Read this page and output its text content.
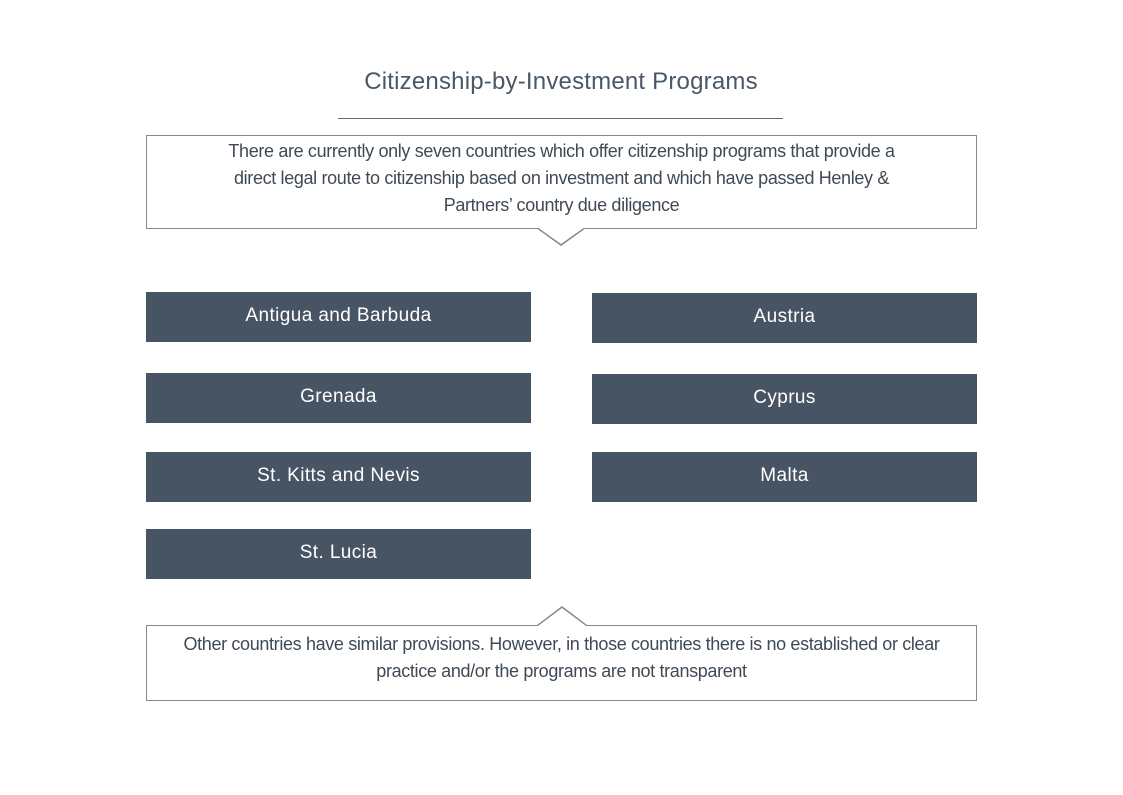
Citizenship-by-Investment Programs
There are currently only seven countries which offer citizenship programs that provide a
direct legal route to citizenship based on investment and which have passed Henley &
Partners’ country due diligence
Antigua and Barbuda
Grenada
St. Kitts and Nevis
St. Lucia
Austria
Cyprus
Malta
Other countries have similar provisions. However, in those countries there is no established or clear
practice and/or the programs are not transparent
